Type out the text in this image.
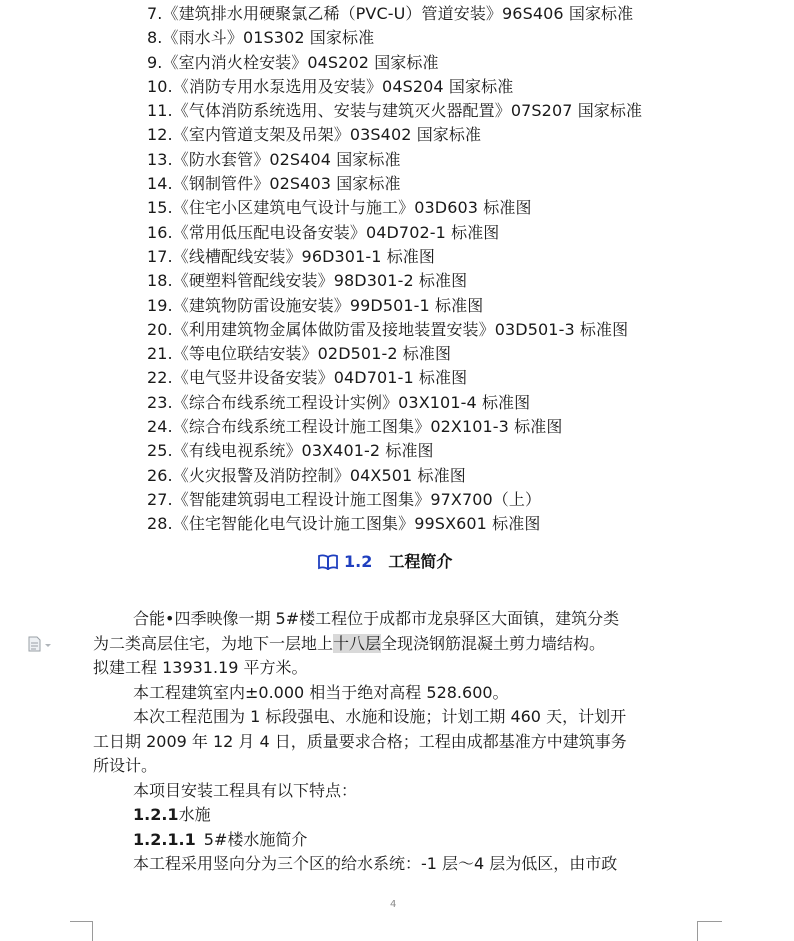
7.《建筑排水用硬聚氯乙稀（PVC-U）管道安装》96S406 国家标准
8.《雨水斗》01S302 国家标准
9.《室内消火栓安装》04S202 国家标准
10.《消防专用水泵选用及安装》04S204 国家标准
11.《气体消防系统选用、安装与建筑灭火器配置》07S207 国家标准
12.《室内管道支架及吊架》03S402 国家标准
13.《防水套管》02S404 国家标准
14.《钢制管件》02S403 国家标准
15.《住宅小区建筑电气设计与施工》03D603 标准图
16.《常用低压配电设备安装》04D702-1 标准图
17.《线槽配线安装》96D301-1 标准图
18.《硬塑料管配线安装》98D301-2 标准图
19.《建筑物防雷设施安装》99D501-1 标准图
20.《利用建筑物金属体做防雷及接地装置安装》03D501-3 标准图
21.《等电位联结安装》02D501-2 标准图
22.《电气竖井设备安装》04D701-1 标准图
23.《综合布线系统工程设计实例》03X101-4 标准图
24.《综合布线系统工程设计施工图集》02X101-3 标准图
25.《有线电视系统》03X401-2 标准图
26.《火灾报警及消防控制》04X501 标准图
27.《智能建筑弱电工程设计施工图集》97X700（上）
28.《住宅智能化电气设计施工图集》99SX601 标准图
1.2 工程简介
合能•四季映像一期 5#楼工程位于成都市龙泉驿区大面镇，建筑分类
为二类高层住宅，为地下一层地上十八层全现浇钢筋混凝土剪力墙结构。
拟建工程 13931.19 平方米。
本工程建筑室内±0.000 相当于绝对高程 528.600。
本次工程范围为 1 标段强电、水施和设施；计划工期 460 天，计划开
工日期 2009 年 12 月 4 日，质量要求合格；工程由成都基准方中建筑事务
所设计。
本项目安装工程具有以下特点：
1.2.1水施
1.2.1.1 5#楼水施简介
本工程采用竖向分为三个区的给水系统：-1 层～4 层为低区，由市政
4
